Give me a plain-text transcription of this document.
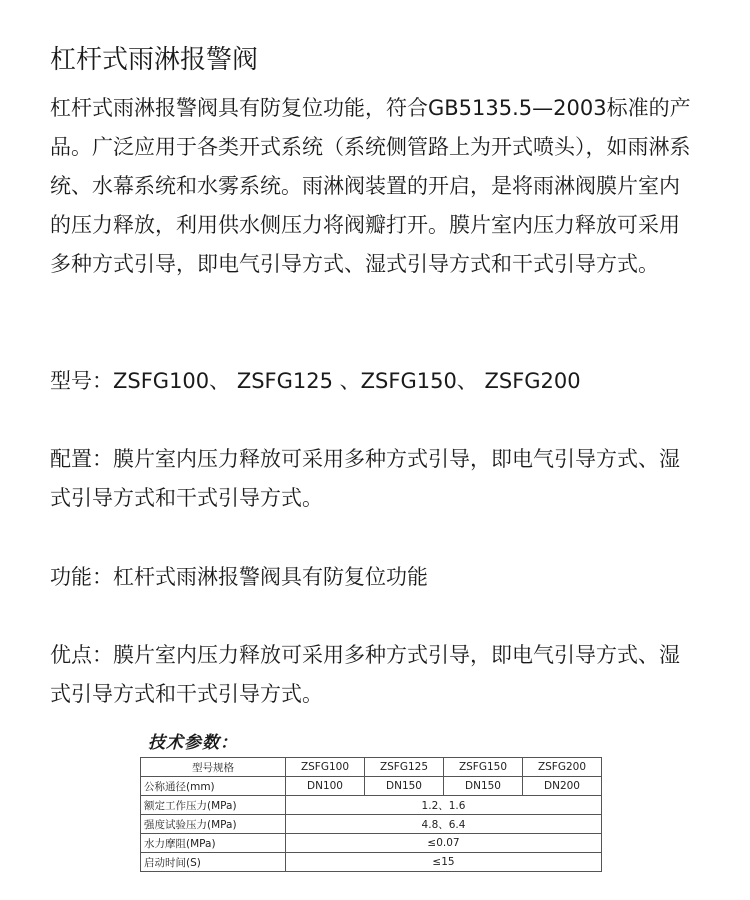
杠杆式雨淋报警阀

杠杆式雨淋报警阀具有防复位功能，符合GB5135.5—2003标准的产品。广泛应用于各类开式系统（系统侧管路上为开式喷头），如雨淋系统、水幕系统和水雾系统。雨淋阀装置的开启，是将雨淋阀膜片室内的压力释放，利用供水侧压力将阀瓣打开。膜片室内压力释放可采用多种方式引导，即电气引导方式、湿式引导方式和干式引导方式。

型号：ZSFG100、 ZSFG125 、ZSFG150、 ZSFG200

配置：膜片室内压力释放可采用多种方式引导，即电气引导方式、湿式引导方式和干式引导方式。

功能：杠杆式雨淋报警阀具有防复位功能

优点：膜片室内压力释放可采用多种方式引导，即电气引导方式、湿式引导方式和干式引导方式。

技术参数：
型号规格	ZSFG100	ZSFG125	ZSFG150	ZSFG200
公称通径(mm)	DN100	DN150	DN150	DN200
额定工作压力(MPa)	1.2、1.6			
强度试验压力(MPa)	4.8、6.4			
水力摩阻(MPa)	≤0.07			
启动时间(S)	≤15			
